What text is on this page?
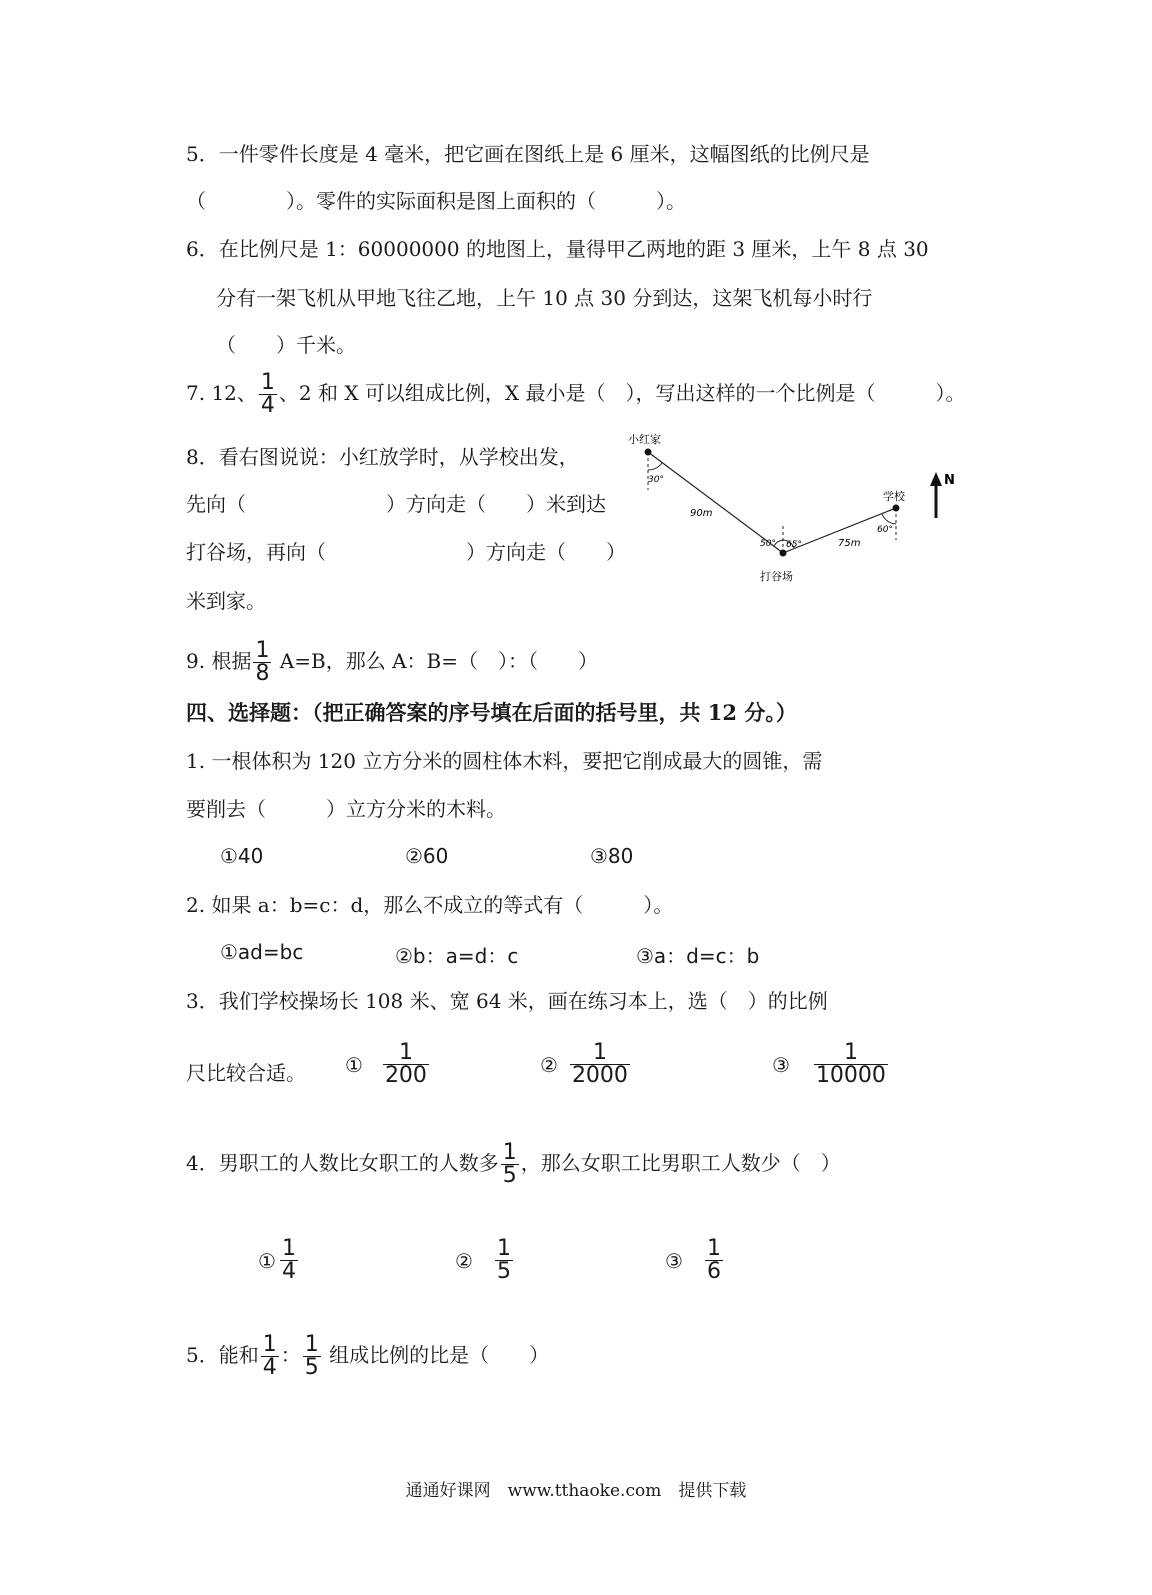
5．一件零件长度是 4 毫米，把它画在图纸上是 6 厘米，这幅图纸的比例尺是
（　　　　）。零件的实际面积是图上面积的（　　　）。
6．在比例尺是 1：60000000 的地图上，量得甲乙两地的距 3 厘米，上午 8 点 30
分有一架飞机从甲地飞往乙地，上午 10 点 30 分到达，这架飞机每小时行
（　　）千米。
7. 12、 $\frac{1}{4}$ 、2 和 X 可以组成比例，X 最小是（　），写出这样的一个比例是（　　　）。
8．看右图说说：小红放学时，从学校出发，
先向（　　　　　　　）方向走（　　）米到达
打谷场，再向（　　　　　　　）方向走（　　）
米到家。
小红家
学校
打谷场
30°
50° 65°
60°
90m
75m
N
9. 根据 $\frac{1}{8} A=B$，那么 A：B=（　）：（　　）
四、选择题：（把正确答案的序号填在后面的括号里，共 12 分。）
1. 一根体积为 120 立方分米的圆柱体木料，要把它削成最大的圆锥，需
要削去（　　　）立方分米的木料。
①40	②60	③80
2. 如果 a：b=c：d，那么不成立的等式有（　　　）。
①ad=bc	②b：a=d：c	③a：d=c：b
3．我们学校操场长 108 米、宽 64 米，画在练习本上，选（　）的比例
尺比较合适。 ① $\frac{1}{200}$	② $\frac{1}{2000}$	③ $\frac{1}{10000}$
4．男职工的人数比女职工的人数多 $\frac{1}{5}$ ，那么女职工比男职工人数少（　）
① $\frac{1}{4}$	② $\frac{1}{5}$	③ $\frac{1}{6}$
5．能和 $\frac{1}{4}$ ： $\frac{1}{5}$ 组成比例的比是（　　）
通通好课网　www.tthaoke.com　提供下载
